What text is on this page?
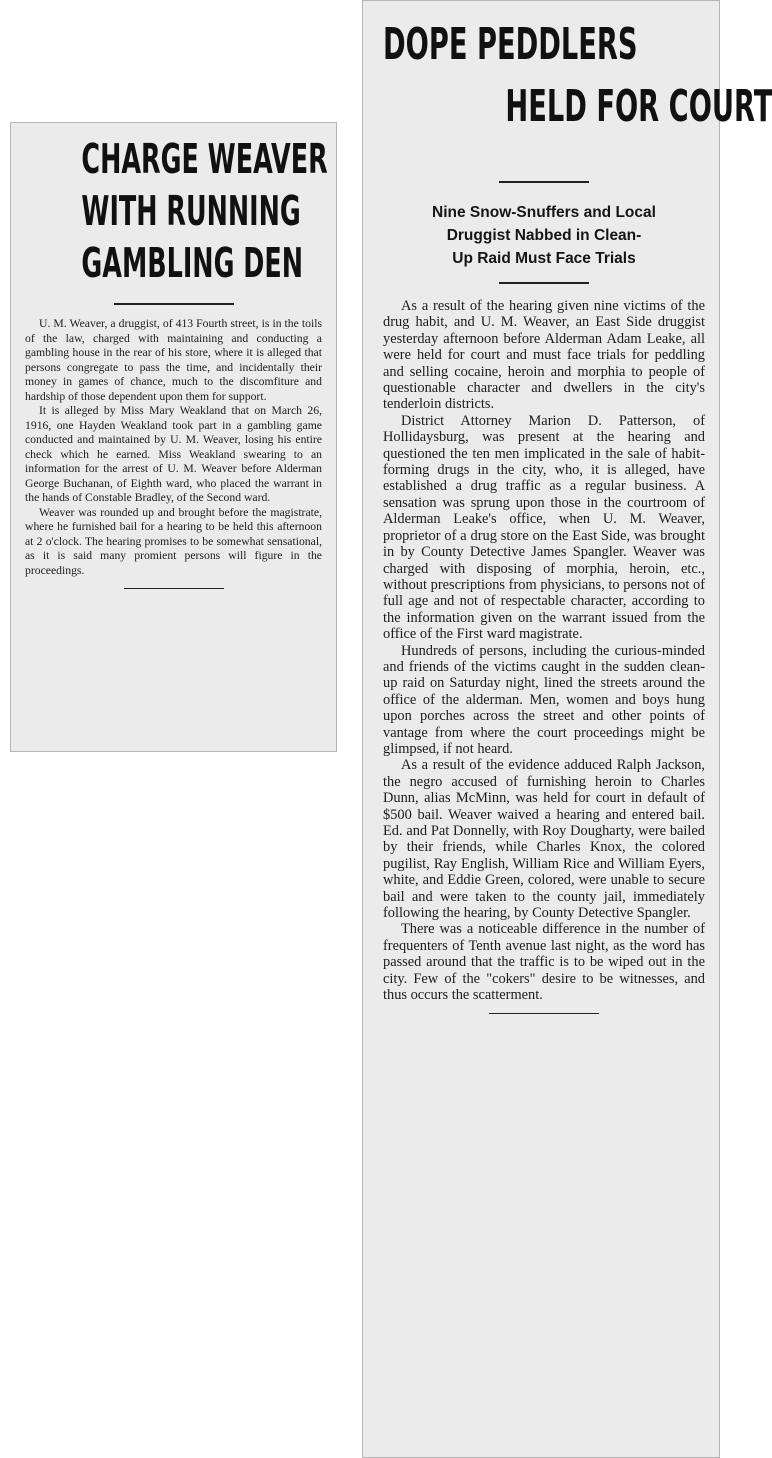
CHARGE WEAVER
WITH RUNNING
GAMBLING DEN

U. M. Weaver, a druggist, of 413 Fourth street, is in the toils of the law, charged with maintaining and conducting a gambling house in the rear of his store, where it is alleged that persons congregate to pass the time, and incidentally their money in games of chance, much to the discomfiture and hardship of those dependent upon them for support.

It is alleged by Miss Mary Weakland that on March 26, 1916, one Hayden Weakland took part in a gambling game conducted and maintained by U. M. Weaver, losing his entire check which he earned. Miss Weakland swearing to an information for the arrest of U. M. Weaver before Alderman George Buchanan, of Eighth ward, who placed the warrant in the hands of Constable Bradley, of the Second ward.

Weaver was rounded up and brought before the magistrate, where he furnished bail for a hearing to be held this afternoon at 2 o'clock. The hearing promises to be somewhat sensational, as it is said many promient persons will figure in the proceedings.

DOPE PEDDLERS
HELD FOR COURT

Nine Snow-Snuffers and Local

Druggist Nabbed in Clean-

Up Raid Must Face Trials

As a result of the hearing given nine victims of the drug habit, and U. M. Weaver, an East Side druggist yesterday afternoon before Alderman Adam Leake, all were held for court and must face trials for peddling and selling cocaine, heroin and morphia to people of questionable character and dwellers in the city's tenderloin districts.

District Attorney Marion D. Patterson, of Hollidaysburg, was present at the hearing and questioned the ten men implicated in the sale of habit-forming drugs in the city, who, it is alleged, have established a drug traffic as a regular business. A sensation was sprung upon those in the courtroom of Alderman Leake's office, when U. M. Weaver, proprietor of a drug store on the East Side, was brought in by County Detective James Spangler. Weaver was charged with disposing of morphia, heroin, etc., without prescriptions from physicians, to persons not of full age and not of respectable character, according to the information given on the warrant issued from the office of the First ward magistrate.

Hundreds of persons, including the curious-minded and friends of the victims caught in the sudden clean-up raid on Saturday night, lined the streets around the office of the alderman. Men, women and boys hung upon porches across the street and other points of vantage from where the court proceedings might be glimpsed, if not heard.

As a result of the evidence adduced Ralph Jackson, the negro accused of furnishing heroin to Charles Dunn, alias McMinn, was held for court in default of $500 bail. Weaver waived a hearing and entered bail. Ed. and Pat Donnelly, with Roy Dougharty, were bailed by their friends, while Charles Knox, the colored pugilist, Ray English, William Rice and William Eyers, white, and Eddie Green, colored, were unable to secure bail and were taken to the county jail, immediately following the hearing, by County Detective Spangler.

There was a noticeable difference in the number of frequenters of Tenth avenue last night, as the word has passed around that the traffic is to be wiped out in the city. Few of the "cokers" desire to be witnesses, and thus occurs the scatterment.
